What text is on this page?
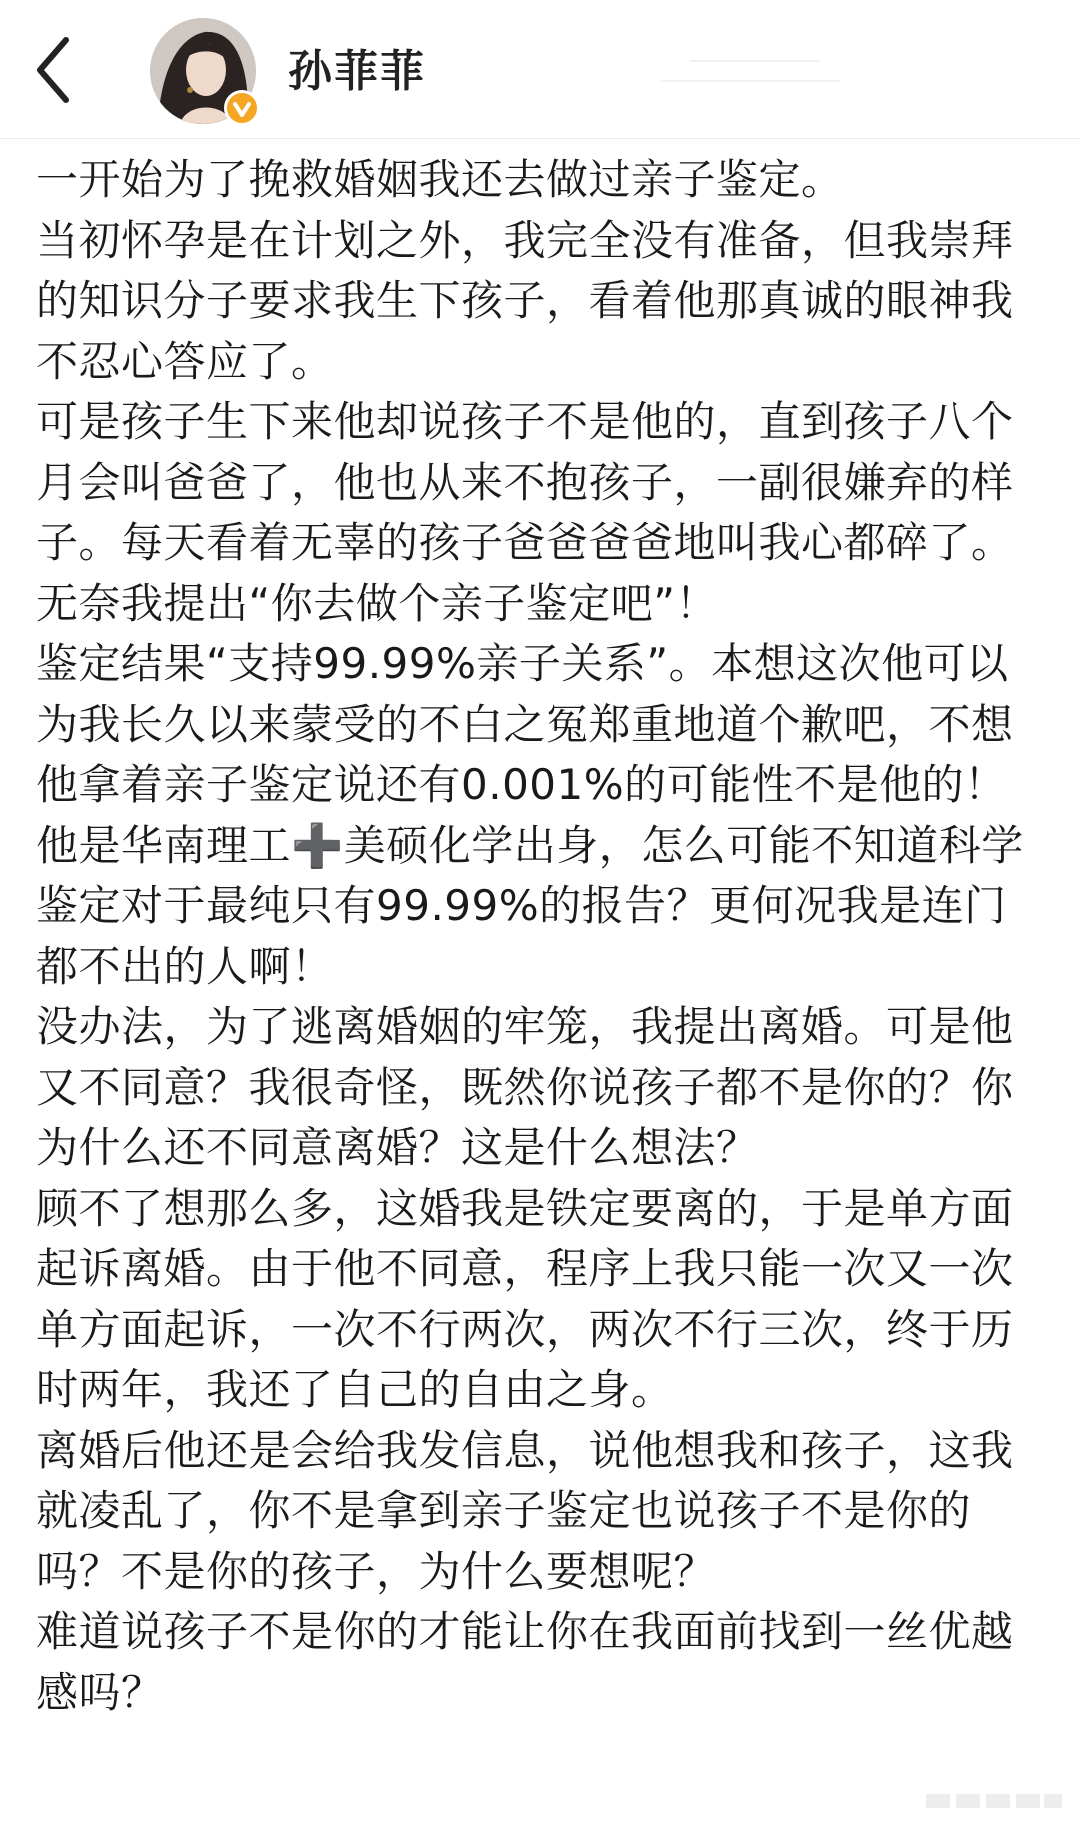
孙菲菲

一开始为了挽救婚姻我还去做过亲子鉴定。

当初怀孕是在计划之外，我完全没有准备，但我崇拜的知识分子要求我生下孩子，看着他那真诚的眼神我不忍心答应了。

可是孩子生下来他却说孩子不是他的，直到孩子八个月会叫爸爸了，他也从来不抱孩子，一副很嫌弃的样子。每天看着无辜的孩子爸爸爸爸地叫我心都碎了。

无奈我提出“你去做个亲子鉴定吧”！

鉴定结果“支持99.99%亲子关系”。本想这次他可以为我长久以来蒙受的不白之冤郑重地道个歉吧，不想他拿着亲子鉴定说还有0.001%的可能性不是他的！他是华南理工➕美硕化学出身，怎么可能不知道科学鉴定对于最纯只有99.99%的报告？更何况我是连门都不出的人啊！

没办法，为了逃离婚姻的牢笼，我提出离婚。可是他又不同意？我很奇怪，既然你说孩子都不是你的？你为什么还不同意离婚？这是什么想法？

顾不了想那么多，这婚我是铁定要离的，于是单方面起诉离婚。由于他不同意，程序上我只能一次又一次单方面起诉，一次不行两次，两次不行三次，终于历时两年，我还了自己的自由之身。

离婚后他还是会给我发信息，说他想我和孩子，这我就凌乱了，你不是拿到亲子鉴定也说孩子不是你的吗？不是你的孩子，为什么要想呢？

难道说孩子不是你的才能让你在我面前找到一丝优越感吗？
